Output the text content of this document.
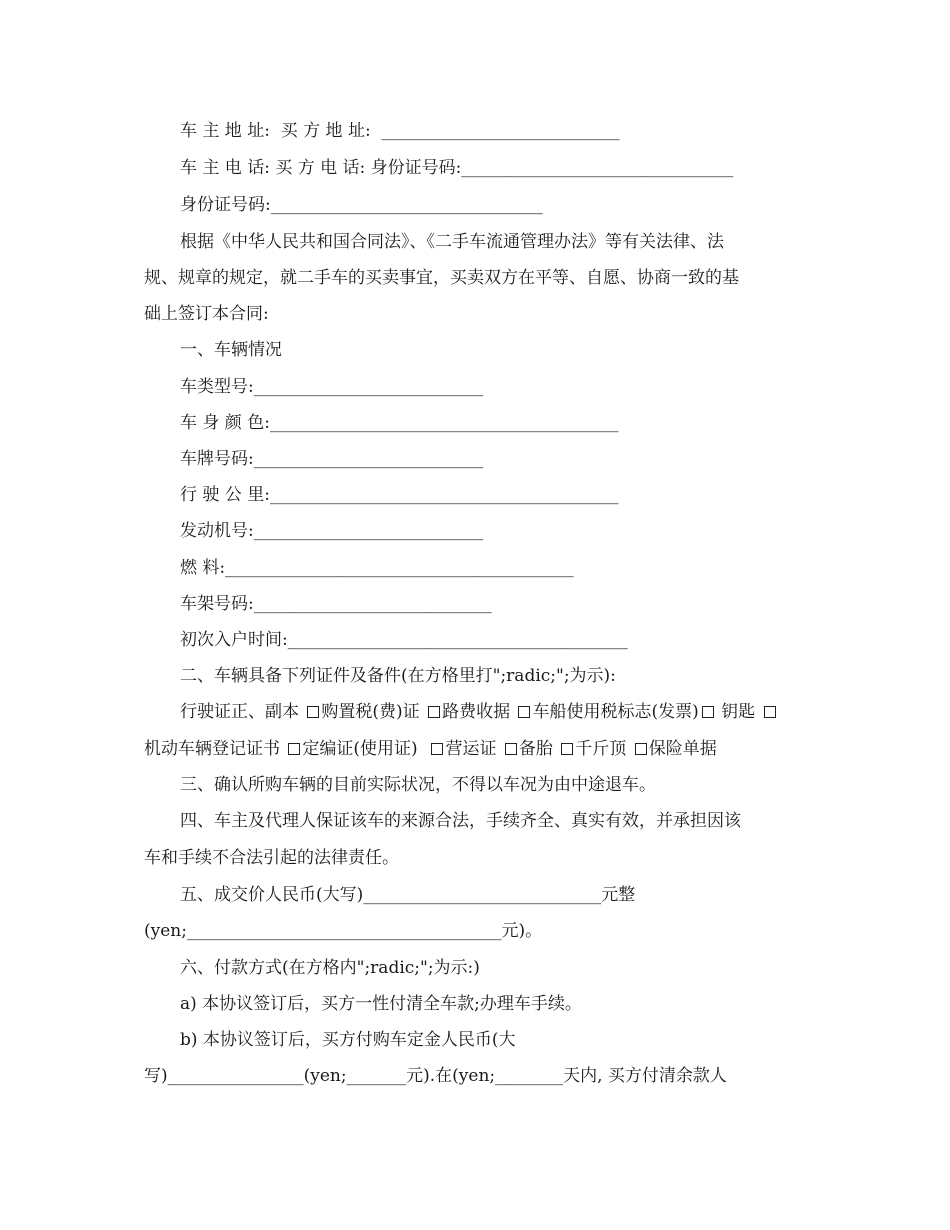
车 主 地 址:  买 方 地 址:  ____________________________

车 主 电 话: 买 方 电 话: 身份证号码:________________________________

身份证号码:________________________________

根据《中华人民共和国合同法》、《二手车流通管理办法》等有关法律、法

规、规章的规定，就二手车的买卖事宜，买卖双方在平等、自愿、协商一致的基

础上签订本合同:

一、车辆情况

车类型号:___________________________

车 身 颜 色:_________________________________________

车牌号码:___________________________

行 驶 公 里:_________________________________________

发动机号:___________________________

燃 料:_________________________________________

车架号码:____________________________

初次入户时间:________________________________________

二、车辆具备下列证件及备件(在方格里打";radic;";为示):

行驶证正、副本 购置税(费)证 路费收据 车船使用税标志(发票) 钥匙

机动车辆登记证书 定编证(使用证)  营运证 备胎 千斤顶 保险单据

三、确认所购车辆的目前实际状况，不得以车况为由中途退车。

四、车主及代理人保证该车的来源合法，手续齐全、真实有效，并承担因该

车和手续不合法引起的法律责任。

五、成交价人民币(大写)____________________________元整

(yen;_____________________________________元)。

六、付款方式(在方格内";radic;";为示:)

a) 本协议签订后，买方一性付清全车款;办理车手续。

b) 本协议签订后，买方付购车定金人民币(大

写)________________(yen;_______元).在(yen;________天内, 买方付清余款人
